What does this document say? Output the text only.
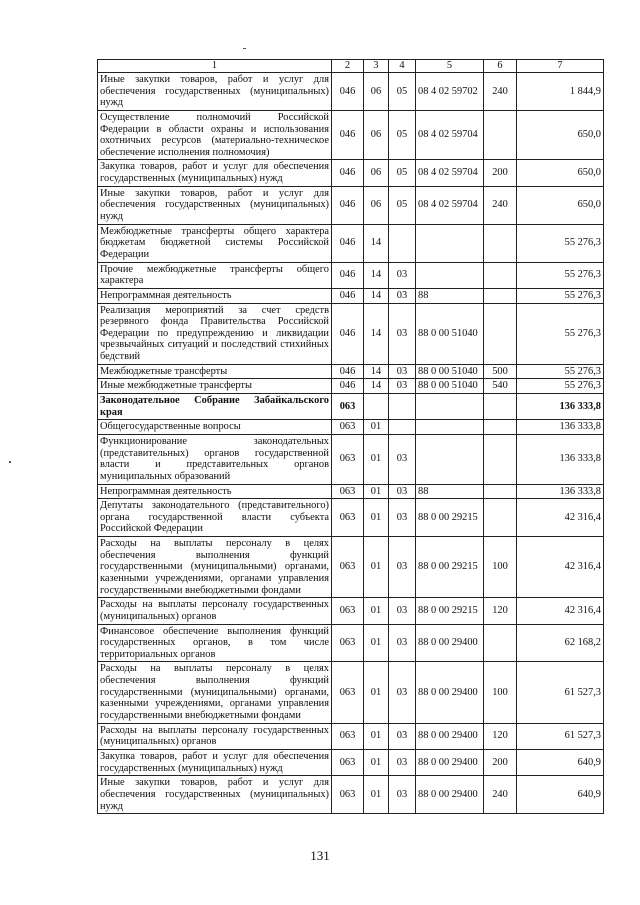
1	2	3	4	5	6	7
Иные закупки товаров, работ и услуг для обеспечения государственных (муниципальных) нужд	046	06	05	08 4 02 59702	240	1 844,9
Осуществление полномочий Российской Федерации в области охраны и использования охотничьих ресурсов (материально-техническое обеспечение исполнения полномочия)	046	06	05	08 4 02 59704		650,0
Закупка товаров, работ и услуг для обеспечения государственных (муниципальных) нужд	046	06	05	08 4 02 59704	200	650,0
Иные закупки товаров, работ и услуг для обеспечения государственных (муниципальных) нужд	046	06	05	08 4 02 59704	240	650,0
Межбюджетные трансферты общего характера бюджетам бюджетной системы Российской Федерации	046	14				55 276,3
Прочие межбюджетные трансферты общего характера	046	14	03			55 276,3
Непрограммная деятельность	046	14	03	88		55 276,3
Реализация мероприятий за счет средств резервного фонда Правительства Российской Федерации по предупреждению и ликвидации чрезвычайных ситуаций и последствий стихийных бедствий	046	14	03	88 0 00 51040		55 276,3
Межбюджетные трансферты	046	14	03	88 0 00 51040	500	55 276,3
Иные межбюджетные трансферты	046	14	03	88 0 00 51040	540	55 276,3
Законодательное Собрание Забайкальского края	063					136 333,8
Общегосударственные вопросы	063	01				136 333,8
Функционирование законодательных (представительных) органов государственной власти и представительных органов муниципальных образований	063	01	03			136 333,8
Непрограммная деятельность	063	01	03	88		136 333,8
Депутаты законодательного (представительного) органа государственной власти субъекта Российской Федерации	063	01	03	88 0 00 29215		42 316,4
Расходы на выплаты персоналу в целях обеспечения выполнения функций государственными (муниципальными) органами, казенными учреждениями, органами управления государственными внебюджетными фондами	063	01	03	88 0 00 29215	100	42 316,4
Расходы на выплаты персоналу государственных (муниципальных) органов	063	01	03	88 0 00 29215	120	42 316,4
Финансовое обеспечение выполнения функций государственных органов, в том числе территориальных органов	063	01	03	88 0 00 29400		62 168,2
Расходы на выплаты персоналу в целях обеспечения выполнения функций государственными (муниципальными) органами, казенными учреждениями, органами управления государственными внебюджетными фондами	063	01	03	88 0 00 29400	100	61 527,3
Расходы на выплаты персоналу государственных (муниципальных) органов	063	01	03	88 0 00 29400	120	61 527,3
Закупка товаров, работ и услуг для обеспечения государственных (муниципальных) нужд	063	01	03	88 0 00 29400	200	640,9
Иные закупки товаров, работ и услуг для обеспечения государственных (муниципальных) нужд	063	01	03	88 0 00 29400	240	640,9
131
